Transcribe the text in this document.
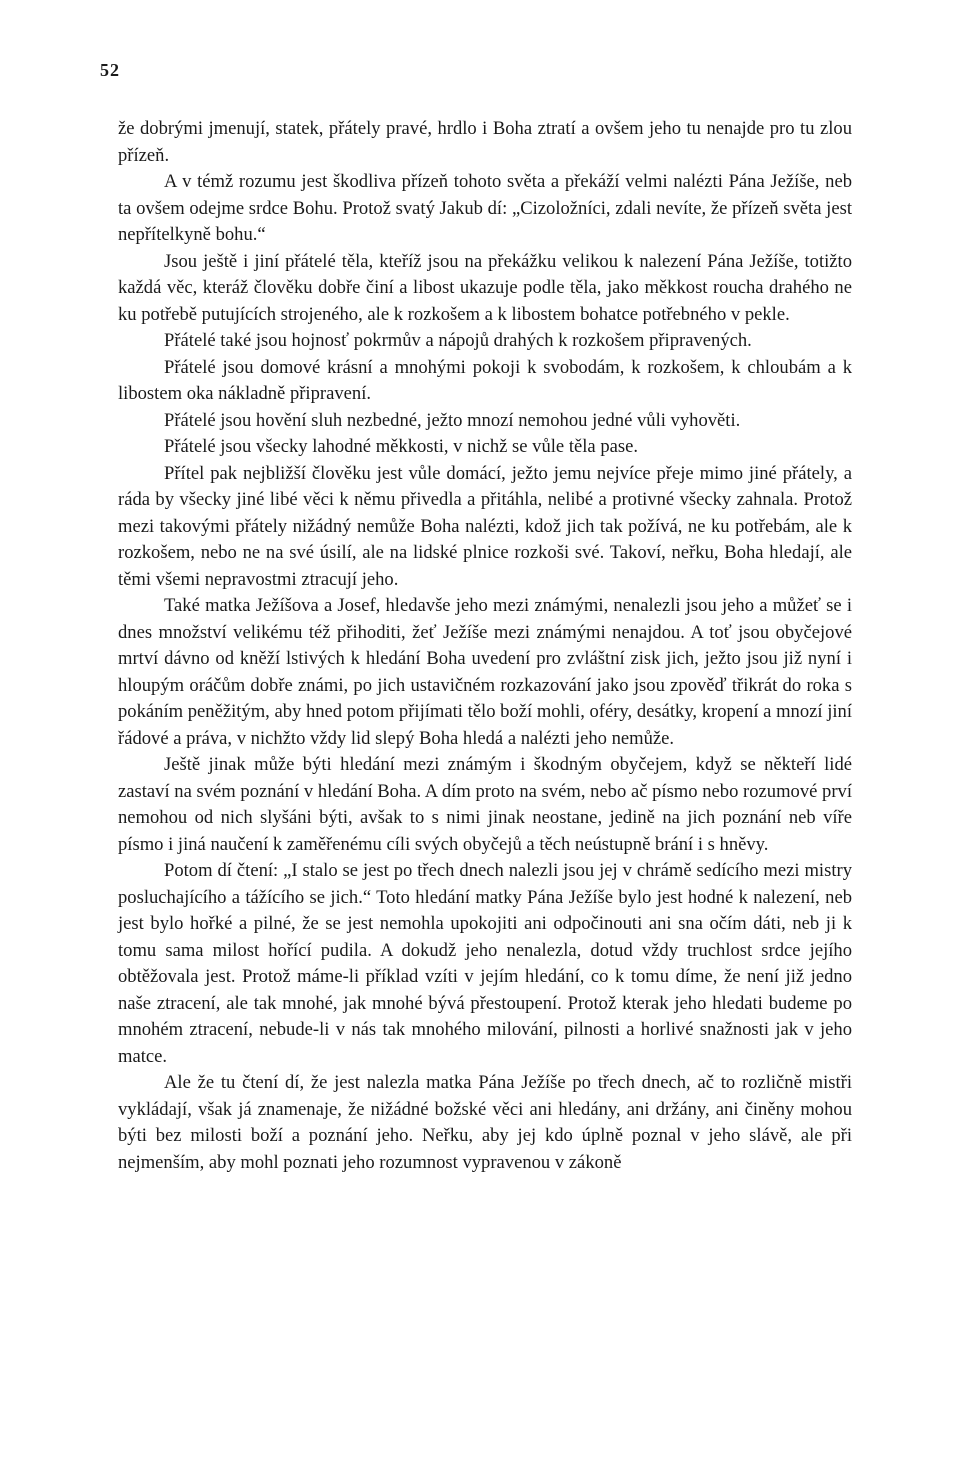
52

že dobrými jmenují, statek, přátely pravé, hrdlo i Boha ztratí a ovšem jeho tu nenajde pro tu zlou přízeň.

A v témž rozumu jest škodliva přízeň tohoto světa a překáží velmi nalézti Pána Ježíše, neb ta ovšem odejme srdce Bohu. Protož svatý Jakub dí: „Cizoložníci, zdali nevíte, že přízeň světa jest nepřítelkyně bohu.“

Jsou ještě i jiní přátelé těla, kteříž jsou na překážku velikou k nalezení Pána Ježíše, totižto každá věc, kteráž člověku dobře činí a libost ukazuje podle těla, jako měkkost roucha drahého ne ku potřebě putujících strojeného, ale k rozkošem a k libostem bohatce potřebného v pekle.

Přátelé také jsou hojnosť pokrmův a nápojů drahých k rozkošem připravených.

Přátelé jsou domové krásní a mnohými pokoji k svobodám, k rozkošem, k chloubám a k libostem oka nákladně připravení.

Přátelé jsou hovění sluh nezbedné, ježto mnozí nemohou jedné vůli vyhověti.

Přátelé jsou všecky lahodné měkkosti, v nichž se vůle těla pase.

Přítel pak nejbližší člověku jest vůle domácí, ježto jemu nejvíce přeje mimo jiné přátely, a ráda by všecky jiné libé věci k němu přivedla a přitáhla, nelibé a protivné všecky zahnala. Protož mezi takovými přátely nižádný nemůže Boha nalézti, kdož jich tak požívá, ne ku potřebám, ale k rozkošem, nebo ne na své úsilí, ale na lidské plnice rozkoši své. Takoví, neřku, Boha hledají, ale těmi všemi nepravostmi ztracují jeho.

Také matka Ježíšova a Josef, hledavše jeho mezi známými, nenalezli jsou jeho a můžeť se i dnes množství velikému též přihoditi, žeť Ježíše mezi známými nenajdou. A toť jsou obyčejové mrtví dávno od kněží lstivých k hledání Boha uvedení pro zvláštní zisk jich, ježto jsou již nyní i hloupým oráčům dobře známi, po jich ustavičném rozkazování jako jsou zpověď třikrát do roka s pokáním peněžitým, aby hned potom přijímati tělo boží mohli, oféry, desátky, kropení a mnozí jiní řádové a práva, v nichžto vždy lid slepý Boha hledá a nalézti jeho nemůže.

Ještě jinak může býti hledání mezi známým i škodným obyčejem, když se někteří lidé zastaví na svém poznání v hledání Boha. A dím proto na svém, nebo ač písmo nebo rozumové prví nemohou od nich slyšáni býti, avšak to s nimi jinak neostane, jedině na jich poznání neb víře písmo i jiná naučení k zaměřenému cíli svých obyčejů a těch neústupně brání i s hněvy.

Potom dí čtení: „I stalo se jest po třech dnech nalezli jsou jej v chrámě sedícího mezi mistry posluchajícího a tážícího se jich.“ Toto hledání matky Pána Ježíše bylo jest hodné k nalezení, neb jest bylo hořké a pilné, že se jest nemohla upokojiti ani odpočinouti ani sna očím dáti, neb ji k tomu sama milost hořící pudila. A dokudž jeho nenalezla, dotud vždy truchlost srdce jejího obtěžovala jest. Protož máme-li příklad vzíti v jejím hledání, co k tomu díme, že není již jedno naše ztracení, ale tak mnohé, jak mnohé bývá přestoupení. Protož kterak jeho hledati budeme po mnohém ztracení, nebude-li v nás tak mnohého milování, pilnosti a horlivé snažnosti jak v jeho matce.

Ale že tu čtení dí, že jest nalezla matka Pána Ježíše po třech dnech, ač to rozličně mistři vykládají, však já znamenaje, že nižádné božské věci ani hledány, ani držány, ani činěny mohou býti bez milosti boží a poznání jeho. Neřku, aby jej kdo úplně poznal v jeho slávě, ale při nejmenším, aby mohl poznati jeho rozumnost vypravenou v zákoně
